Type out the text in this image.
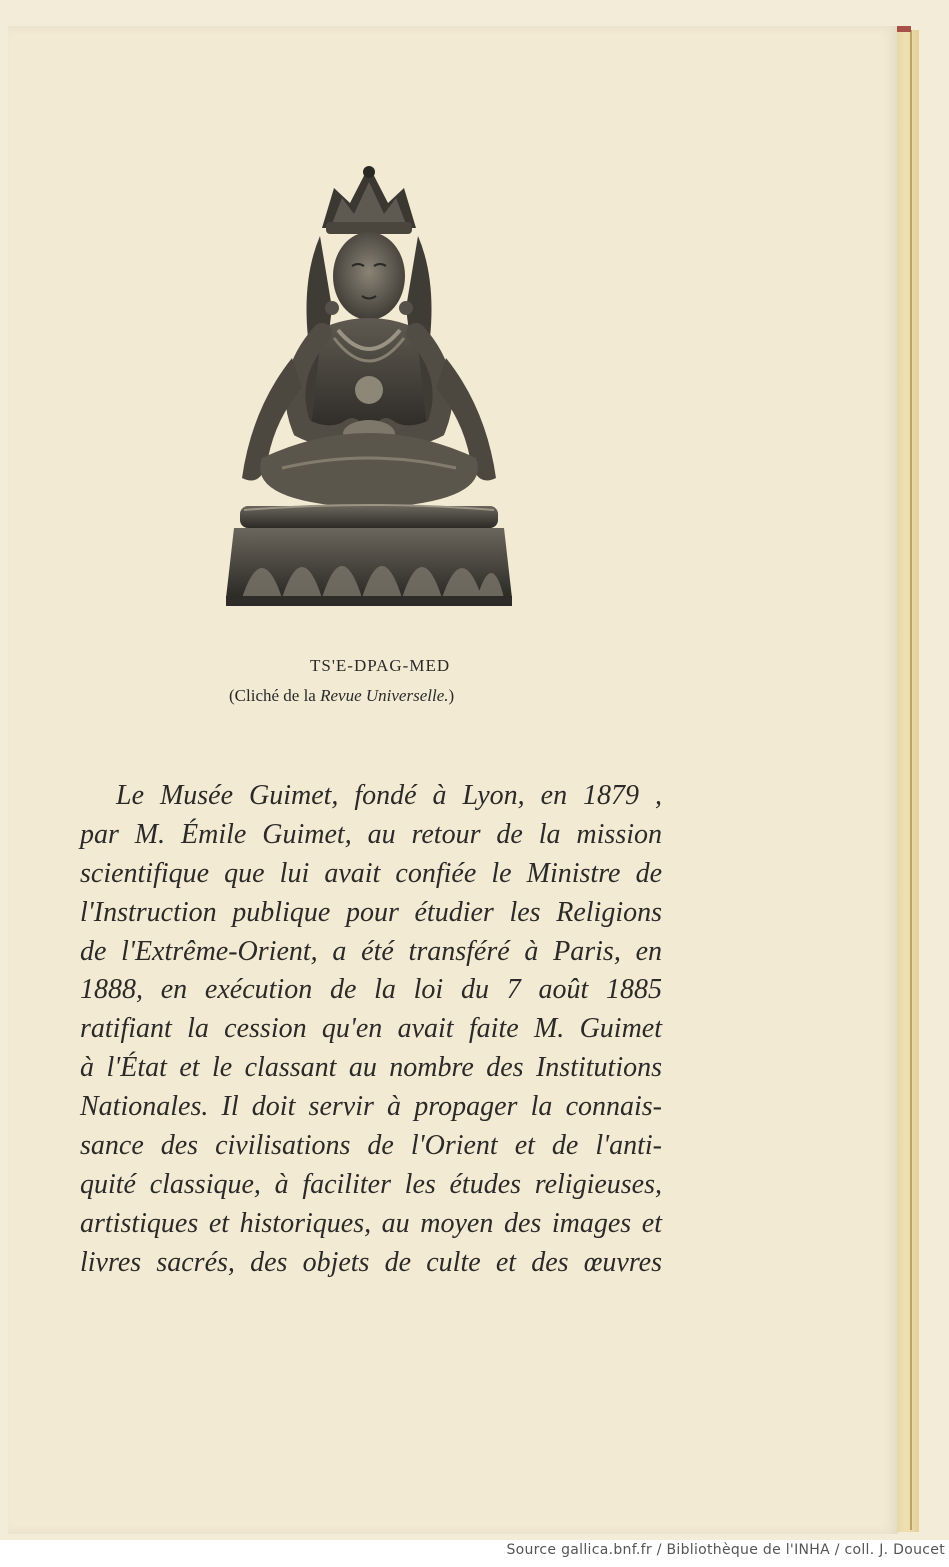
TS'E-DPAG-MED
(Cliché de la Revue Universelle.)
Le Musée Guimet, fondé à Lyon, en 1879 ,
par M. Émile Guimet, au retour de la mission
scientifique que lui avait confiée le Ministre de
l'Instruction publique pour étudier les Religions
de l'Extrême-Orient, a été transféré à Paris, en
1888, en exécution de la loi du 7 août 1885
ratifiant la cession qu'en avait faite M. Guimet
à l'État et le classant au nombre des Institutions
Nationales. Il doit servir à propager la connais-
sance des civilisations de l'Orient et de l'anti-
quité classique, à faciliter les études religieuses,
artistiques et historiques, au moyen des images et
livres sacrés, des objets de culte et des œuvres
Source gallica.bnf.fr / Bibliothèque de l'INHA / coll. J. Doucet
